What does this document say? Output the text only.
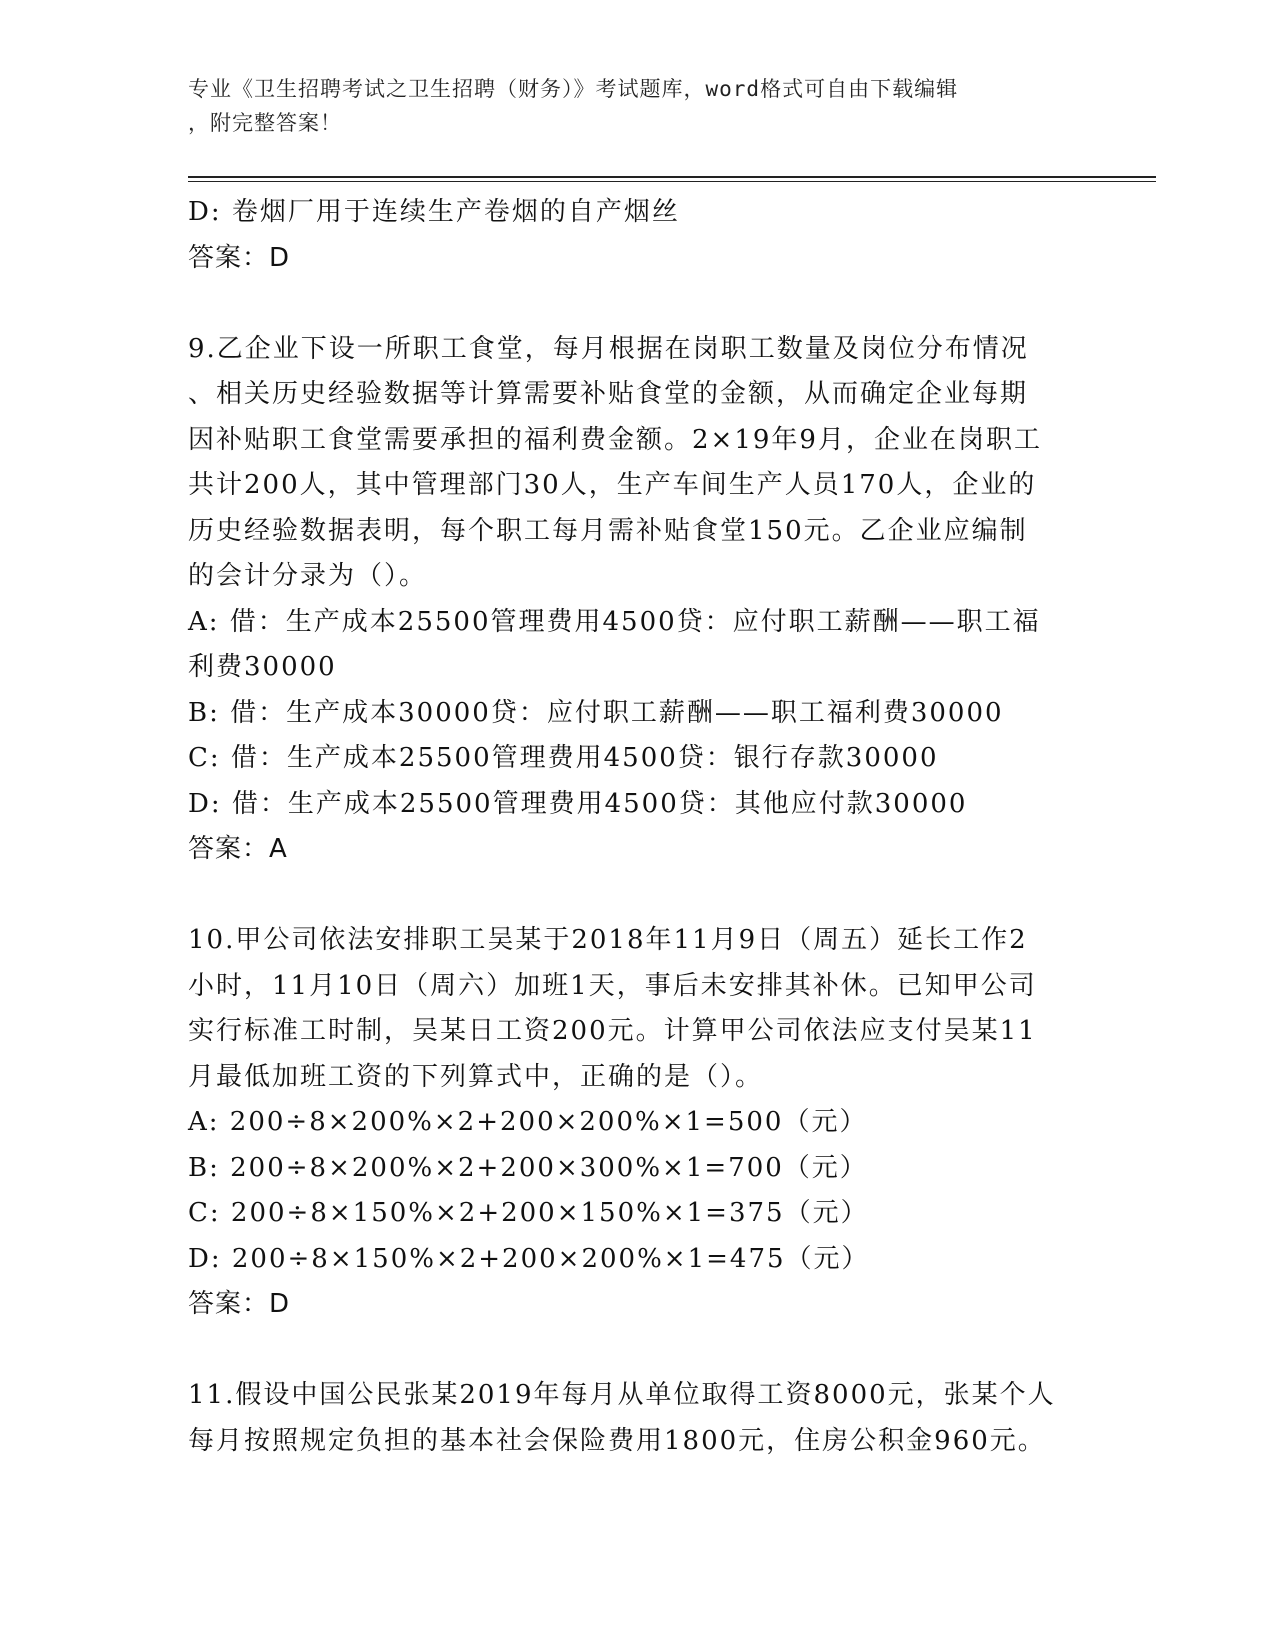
专业《卫生招聘考试之卫生招聘（财务）》考试题库，word格式可自由下载编辑
，附完整答案！
D: 卷烟厂用于连续生产卷烟的自产烟丝
答案：D
9.乙企业下设一所职工食堂，每月根据在岗职工数量及岗位分布情况
、相关历史经验数据等计算需要补贴食堂的金额，从而确定企业每期
因补贴职工食堂需要承担的福利费金额。2×19年9月，企业在岗职工
共计200人，其中管理部门30人，生产车间生产人员170人，企业的
历史经验数据表明，每个职工每月需补贴食堂150元。乙企业应编制
的会计分录为（）。
A: 借：生产成本25500管理费用4500贷：应付职工薪酬——职工福
利费30000
B: 借：生产成本30000贷：应付职工薪酬——职工福利费30000
C: 借：生产成本25500管理费用4500贷：银行存款30000
D: 借：生产成本25500管理费用4500贷：其他应付款30000
答案：A
10.甲公司依法安排职工吴某于2018年11月9日（周五）延长工作2
小时，11月10日（周六）加班1天，事后未安排其补休。已知甲公司
实行标准工时制，吴某日工资200元。计算甲公司依法应支付吴某11
月最低加班工资的下列算式中，正确的是（）。
A: 200÷8×200%×2+200×200%×1=500（元）
B: 200÷8×200%×2+200×300%×1=700（元）
C: 200÷8×150%×2+200×150%×1=375（元）
D: 200÷8×150%×2+200×200%×1=475（元）
答案：D
11.假设中国公民张某2019年每月从单位取得工资8000元，张某个人
每月按照规定负担的基本社会保险费用1800元，住房公积金960元。
